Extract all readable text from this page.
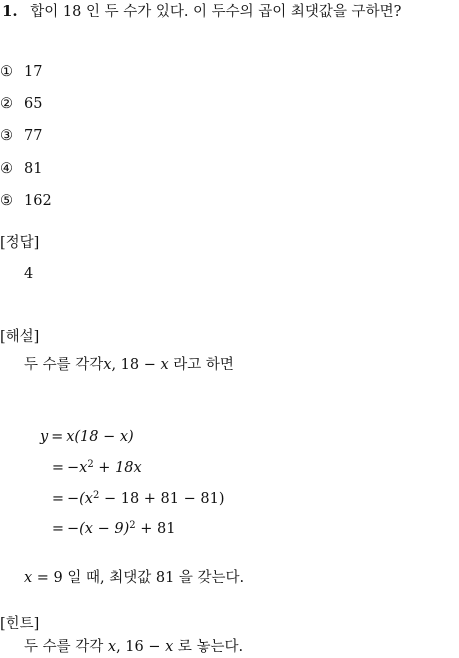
1. 합이 18 인 두 수가 있다. 이 두수의 곱이 최댓값을 구하면?
① 17
② 65
③ 77
④ 81
⑤ 162
[정답]
4
[해설]
두 수를 각각x, 18 − x 라고 하면
y = x(18 − x)
= $-x^2 + 18x$
= $-(x^2 - 18 + 81 - 81)$
= $-(x - 9)^2 + 81$
x = 9 일 때, 최댓값 81 을 갖는다.
[힌트]
두 수를 각각 x, 16 − x 로 놓는다.
